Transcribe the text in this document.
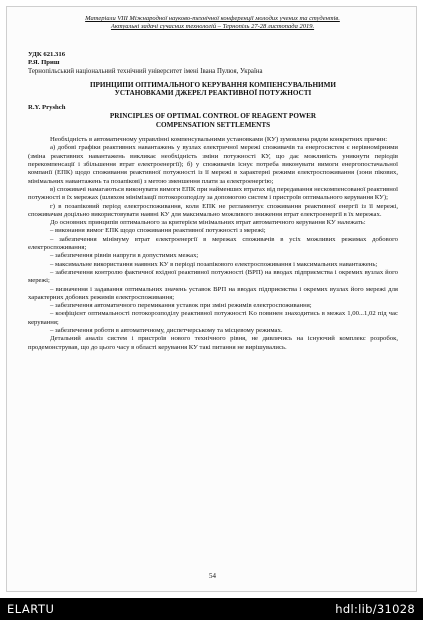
Матеріали VIII Міжнародної науково-технічної конференції молодих учених та студентів.
Актуальні задачі сучасних технологій – Тернопіль 27-28 листопада 2019.
УДК 621.316
Р.Я. Приш
Тернопільський національний технічний університет імені Івана Пулюя, Україна
ПРИНЦИПИ ОПТИМАЛЬНОГО КЕРУВАННЯ КОМПЕНСУВАЛЬНИМИ
УСТАНОВКАМИ ДЖЕРЕЛ РЕАКТИВНОЇ ПОТУЖНОСТІ
R.Y. Pryshch
PRINCIPLES OF OPTIMAL CONTROL OF REAGENT POWER
COMPENSATION SETTLEMENTS

Необхідність в автоматичному управлінні компенсувальними установками (КУ) зумовлена рядом конкретних причин:

а) добові графіки реактивних навантажень у вузлах електричної мережі споживачів та енергосистем є нерівномірними (зміна реактивних навантажень викликає необхідність зміни потужності КУ, що дає можливість уникнути періодів перекомпенсації і збільшення втрат електроенергії); б) у споживачів існує потреба виконувати вимоги енергопостачальної компанії (ЕПК) щодо споживання реактивної потужності із її мережі в характерні режими електроспоживання (зони пікових, мінімальних навантажень та позапікові) з метою зменшення плати за електроенергію;

в) споживачі намагаються виконувати вимоги ЕПК при найменших втратах від передавання нескомпенсованої реактивної потужності в їх мережах (шляхом мінімізації потокорозподілу за допомогою систем і пристроїв оптимального керування КУ);

г) в позапіковий період електроспоживання, коли ЕПК не регламентує споживання реактивної енергії із її мережі, споживачам доцільно використовувати наявні КУ для максимально можливого зниження втрат електроенергії в їх мережах.

До основних принципів оптимального за критерієм мінімальних втрат автоматичного керування КУ належать:

– виконання вимог ЕПК щодо споживання реактивної потужності з мережі;

– забезпечення мінімуму втрат електроенергії в мережах споживачів в усіх можливих режимах добового електроспоживання;

– забезпечення рівнів напруги в допустимих межах;

– максимальне використання наявних КУ в періоді позапікового електроспоживання і максимальних навантажень;

– забезпечення контролю фактичної вхідної реактивної потужності (ВРП) на вводах підприємства і окремих вузлах його мережі;

– визначення і задавання оптимальних значень уставок ВРП на вводах підприємства і окремих вузлах його мережі для характерних добових режимів електроспоживання;

– забезпечення автоматичного перемикання уставок при зміні режимів електроспоживання;

– коефіцієнт оптимальності потокорозподілу реактивної потужності Kо повинен знаходитись в межах 1,00...1,02 під час керування;

– забезпечення роботи в автоматичному, диспетчерському та місцевому режимах.

Детальний аналіз систем і пристроїв нового технічного рівня, не дивлячись на існуючий комплекс розробок, продемонстрував, що до цього часу в області керування КУ такі питання не вирішувались.

54
ELARTU	hdl:lib/31028
